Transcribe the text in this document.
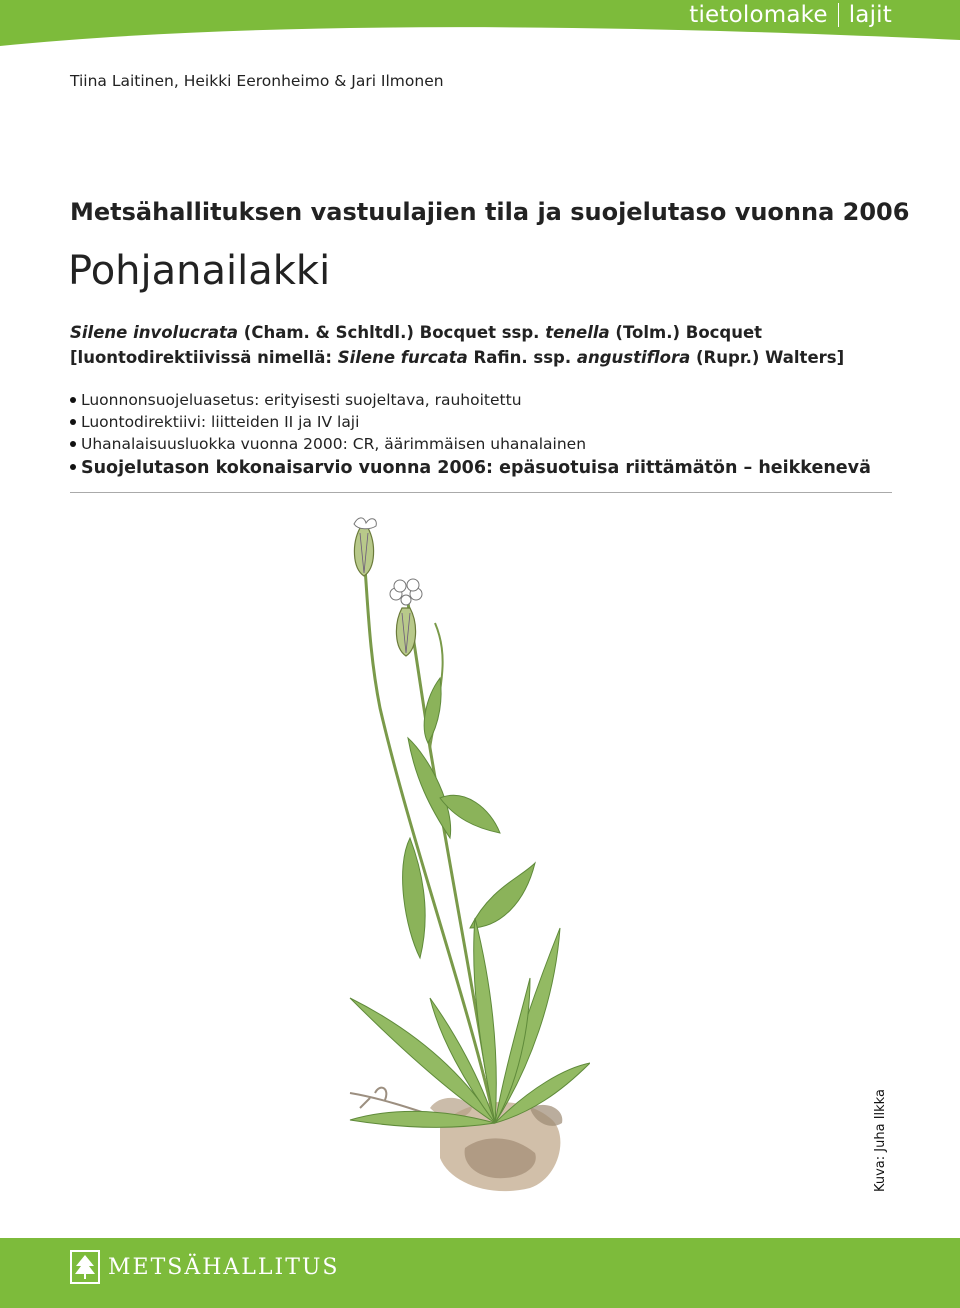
tietolomake lajit
Tiina Laitinen, Heikki Eeronheimo & Jari Ilmonen
Metsähallituksen vastuulajien tila ja suojelutaso vuonna 2006
Pohjanailakki
Silene involucrata (Cham. & Schltdl.) Bocquet ssp. tenella (Tolm.) Bocquet
[luontodirektiivissä nimellä: Silene furcata Rafin. ssp. angustiflora (Rupr.) Walters]
Luonnonsuojeluasetus: erityisesti suojeltava, rauhoitettu
Luontodirektiivi: liitteiden II ja IV laji
Uhanalaisuusluokka vuonna 2000: CR, äärimmäisen uhanalainen
Suojelutason kokonaisarvio vuonna 2006: epäsuotuisa riittämätön – heikkenevä
Kuva: Juha Ilkka
METSÄHALLITUS
